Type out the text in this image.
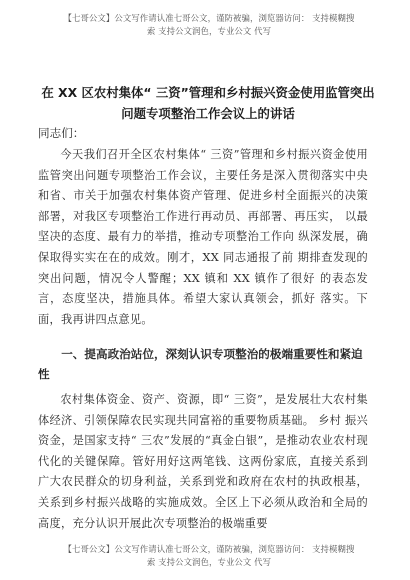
【七哥公文】公文写作请认准七哥公文，谨防被骗，浏览器访问： 支持模糊搜
索 支持公文润色，专业公文 代写
在 XX 区农村集体“ 三资”管理和乡村振兴资金使用监管突出问题专项整治工作会议上的讲话
同志们：
今天我们召开全区农村集体“ 三资”管理和乡村振兴资金使用监管突出问题专项整治工作会议，主要任务是深入贯彻落实中央和省、市关于加强农村集体资产管理、促进乡村全面振兴的决策部署，对我区专项整治工作进行再动员、再部署、再压实， 以最坚决的态度、最有力的举措，推动专项整治工作向 纵深发展，确保取得实实在在的成效。刚才，XX 同志通报了前 期排查发现的突出问题，情况令人警醒；XX 镇和 XX 镇作了很好 的表态发言，态度坚决，措施具体。希望大家认真领会，抓好 落实。下面，我再讲四点意见。
一、提高政治站位，深刻认识专项整治的极端重要性和紧迫性
农村集体资金、资产、资源，即“ 三资”，是发展壮大农村集体经济、引领保障农民实现共同富裕的重要物质基础。 乡村 振兴资金，是国家支持“ 三农”发展的“真金白银”，是推动农业农村现代化的关键保障。管好用好这两笔钱、这两份家底，直接关系到广大农民群众的切身利益，关系到党和政府在农村的执政根基，关系到乡村振兴战略的实施成效。全区上下必须从政治和全局的高度，充分认识开展此次专项整治的极端重要
【七哥公文】公文写作请认准七哥公文，谨防被骗，浏览器访问： 支持模糊搜
索 支持公文润色，专业公文 代写
